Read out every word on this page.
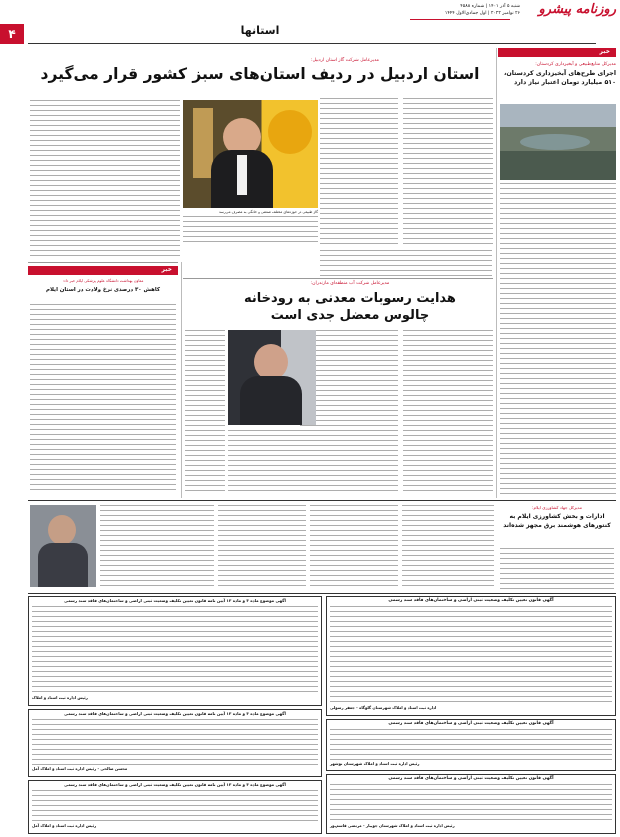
۴	استانها
روزنامه پیشرو
شنبه ۵ آذر ۱۴۰۱ | شماره ۴۵۸۸
۲۶ نوامبر ۲۰۲۲ | اول جمادی‌الاول ۱۴۴۴
خبر
مدیرکل منابع‌طبیعی و آبخیزداری کردستان:
اجرای طرح‌های آبخیزداری کردستان، ۵۱۰ میلیارد تومان اعتبار نیاز دارد
مدیرعامل شرکت گاز استان اردبیل:
استان اردبیل در ردیف استان‌های سبز کشور قرار می‌گیرد
گاز طبیعی در حوزه‌های مختلف صنعتی و خانگی به مصرف می‌رسد
خبر
معاون بهداشت دانشگاه علوم پزشکی ایلام خبر داد:
کاهش ۳۰ درصدی نرخ ولادت در استان ایلام
مدیرعامل شرکت آب منطقه‌ای مازندران:
هدایت رسوبات معدنی به رودخانه چالوس معضل جدی است
مدیرکل جهاد کشاورزی ایلام:
ادارات و بخش کشاورزی ایلام به کنتورهای هوشمند برق مجهز شده‌اند
آگهی قانون تعیین تکلیف وضعیت ثبتی اراضی و ساختمان‌های فاقد سند رسمی
اداره ثبت اسناد و املاک شهرستان گلوگاه - جعفر رسولی
آگهی قانون تعیین تکلیف وضعیت ثبتی اراضی و ساختمان‌های فاقد سند رسمی
رئیس اداره ثبت اسناد و املاک شهرستان نوشهر
آگهی قانون تعیین تکلیف وضعیت ثبتی اراضی و ساختمان‌های فاقد سند رسمی
رئیس اداره ثبت اسناد و املاک شهرستان جویبار - مرتضی قاسم‌پور
آگهی موضوع ماده ۳ و ماده ۱۳ آیین نامه قانون تعیین تکلیف وضعیت ثبتی اراضی و ساختمان‌های فاقد سند رسمی
رئیس اداره ثبت اسناد و املاک
آگهی موضوع ماده ۳ و ماده ۱۳ آیین نامه قانون تعیین تکلیف وضعیت ثبتی اراضی و ساختمان‌های فاقد سند رسمی
محسن صالحی - رئیس اداره ثبت اسناد و املاک آمل
آگهی موضوع ماده ۳ و ماده ۱۳ آیین نامه قانون تعیین تکلیف وضعیت ثبتی اراضی و ساختمان‌های فاقد سند رسمی
رئیس اداره ثبت اسناد و املاک آمل
